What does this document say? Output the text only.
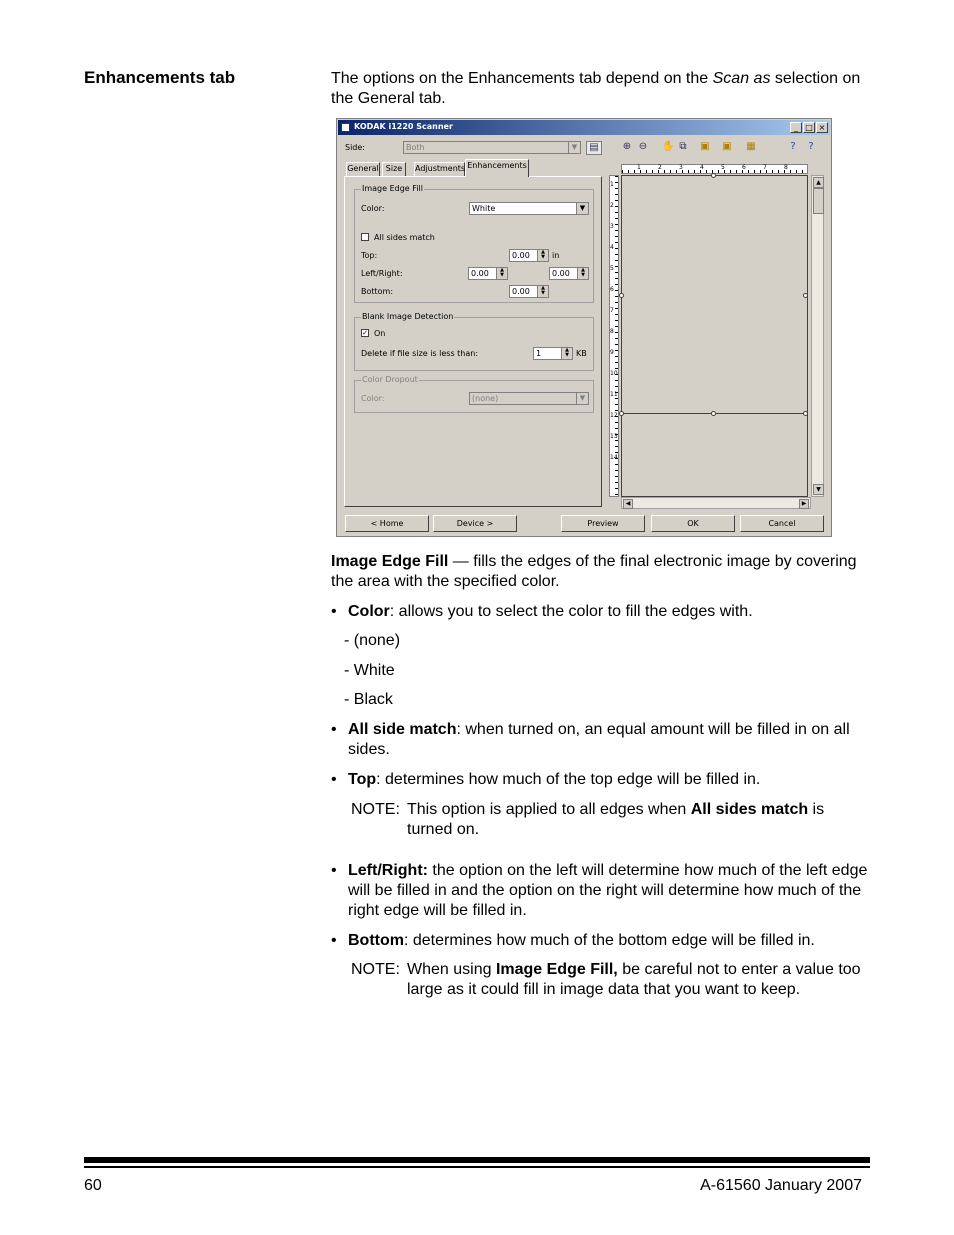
Enhancements tab	The options on the Enhancements tab depend on the Scan as selection on the General tab.
KODAK i1220 Scanner	_ □ ×
Side:	Both	▼	▤	⊕ ⊖ ✋ ⧉ ▣ ▣ ▦	?	?
General Size	Adjustments Enhancements
Image Edge Fill
Color:	White	▼
All sides match
Top:	0.00	▲
▼ in
Left/Right:	0.00	▲
▼	0.00	▲
▼
Bottom:	0.00	▲
▼
Blank Image Detection
✓ On
Delete if file size is less than:	1	▲
▼ KB
Color Dropout
Color:	(none)	▼
▲
▼
◀	▶
< Home	Device >	Preview	OK	Cancel
1	2	3	4	5	6	7	8
1
2
3
4
5
6
7
8
9
10
11
12
13
14
Image Edge Fill — fills the edges of the final electronic image by covering the area with the specified color.
• Color: allows you to select the color to fill the edges with.
- (none)
- White
- Black
• All side match: when turned on, an equal amount will be filled in on all sides.
• Top: determines how much of the top edge will be filled in.
NOTE: This option is applied to all edges when All sides match is turned on.
• Left/Right: the option on the left will determine how much of the left edge will be filled in and the option on the right will determine how much of the right edge will be filled in.
• Bottom: determines how much of the bottom edge will be filled in.
NOTE: When using Image Edge Fill, be careful not to enter a value too large as it could fill in image data that you want to keep.
60	A-61560 January 2007
